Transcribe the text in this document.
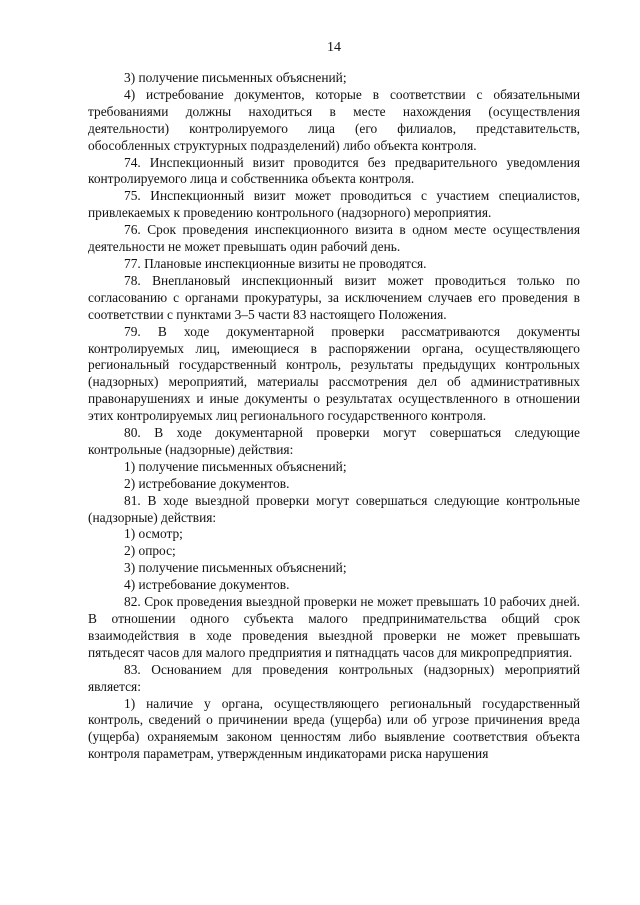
14

3) получение письменных объяснений;

4) истребование документов, которые в соответствии с обязательными требованиями должны находиться в месте нахождения (осуществления деятельности) контролируемого лица (его филиалов, представительств, обособленных структурных подразделений) либо объекта контроля.

74. Инспекционный визит проводится без предварительного уведомления контролируемого лица и собственника объекта контроля.

75. Инспекционный визит может проводиться с участием специалистов, привлекаемых к проведению контрольного (надзорного) мероприятия.

76. Срок проведения инспекционного визита в одном месте осуществления деятельности не может превышать один рабочий день.

77. Плановые инспекционные визиты не проводятся.

78. Внеплановый инспекционный визит может проводиться только по согласованию с органами прокуратуры, за исключением случаев его проведения в соответствии с пунктами 3–5 части 83 настоящего Положения.

79. В ходе документарной проверки рассматриваются документы контролируемых лиц, имеющиеся в распоряжении органа, осуществляющего региональный государственный контроль, результаты предыдущих контрольных (надзорных) мероприятий, материалы рассмотрения дел об административных правонарушениях и иные документы о результатах осуществленного в отношении этих контролируемых лиц регионального государственного контроля.

80. В ходе документарной проверки могут совершаться следующие контрольные (надзорные) действия:

1) получение письменных объяснений;

2) истребование документов.

81. В ходе выездной проверки могут совершаться следующие контрольные (надзорные) действия:

1) осмотр;

2) опрос;

3) получение письменных объяснений;

4) истребование документов.

82. Срок проведения выездной проверки не может превышать 10 рабочих дней. В отношении одного субъекта малого предпринимательства общий срок взаимодействия в ходе проведения выездной проверки не может превышать пятьдесят часов для малого предприятия и пятнадцать часов для микропредприятия.

83. Основанием для проведения контрольных (надзорных) мероприятий является:

1) наличие у органа, осуществляющего региональный государственный контроль, сведений о причинении вреда (ущерба) или об угрозе причинения вреда (ущерба) охраняемым законом ценностям либо выявление соответствия объекта контроля параметрам, утвержденным индикаторами риска нарушения
